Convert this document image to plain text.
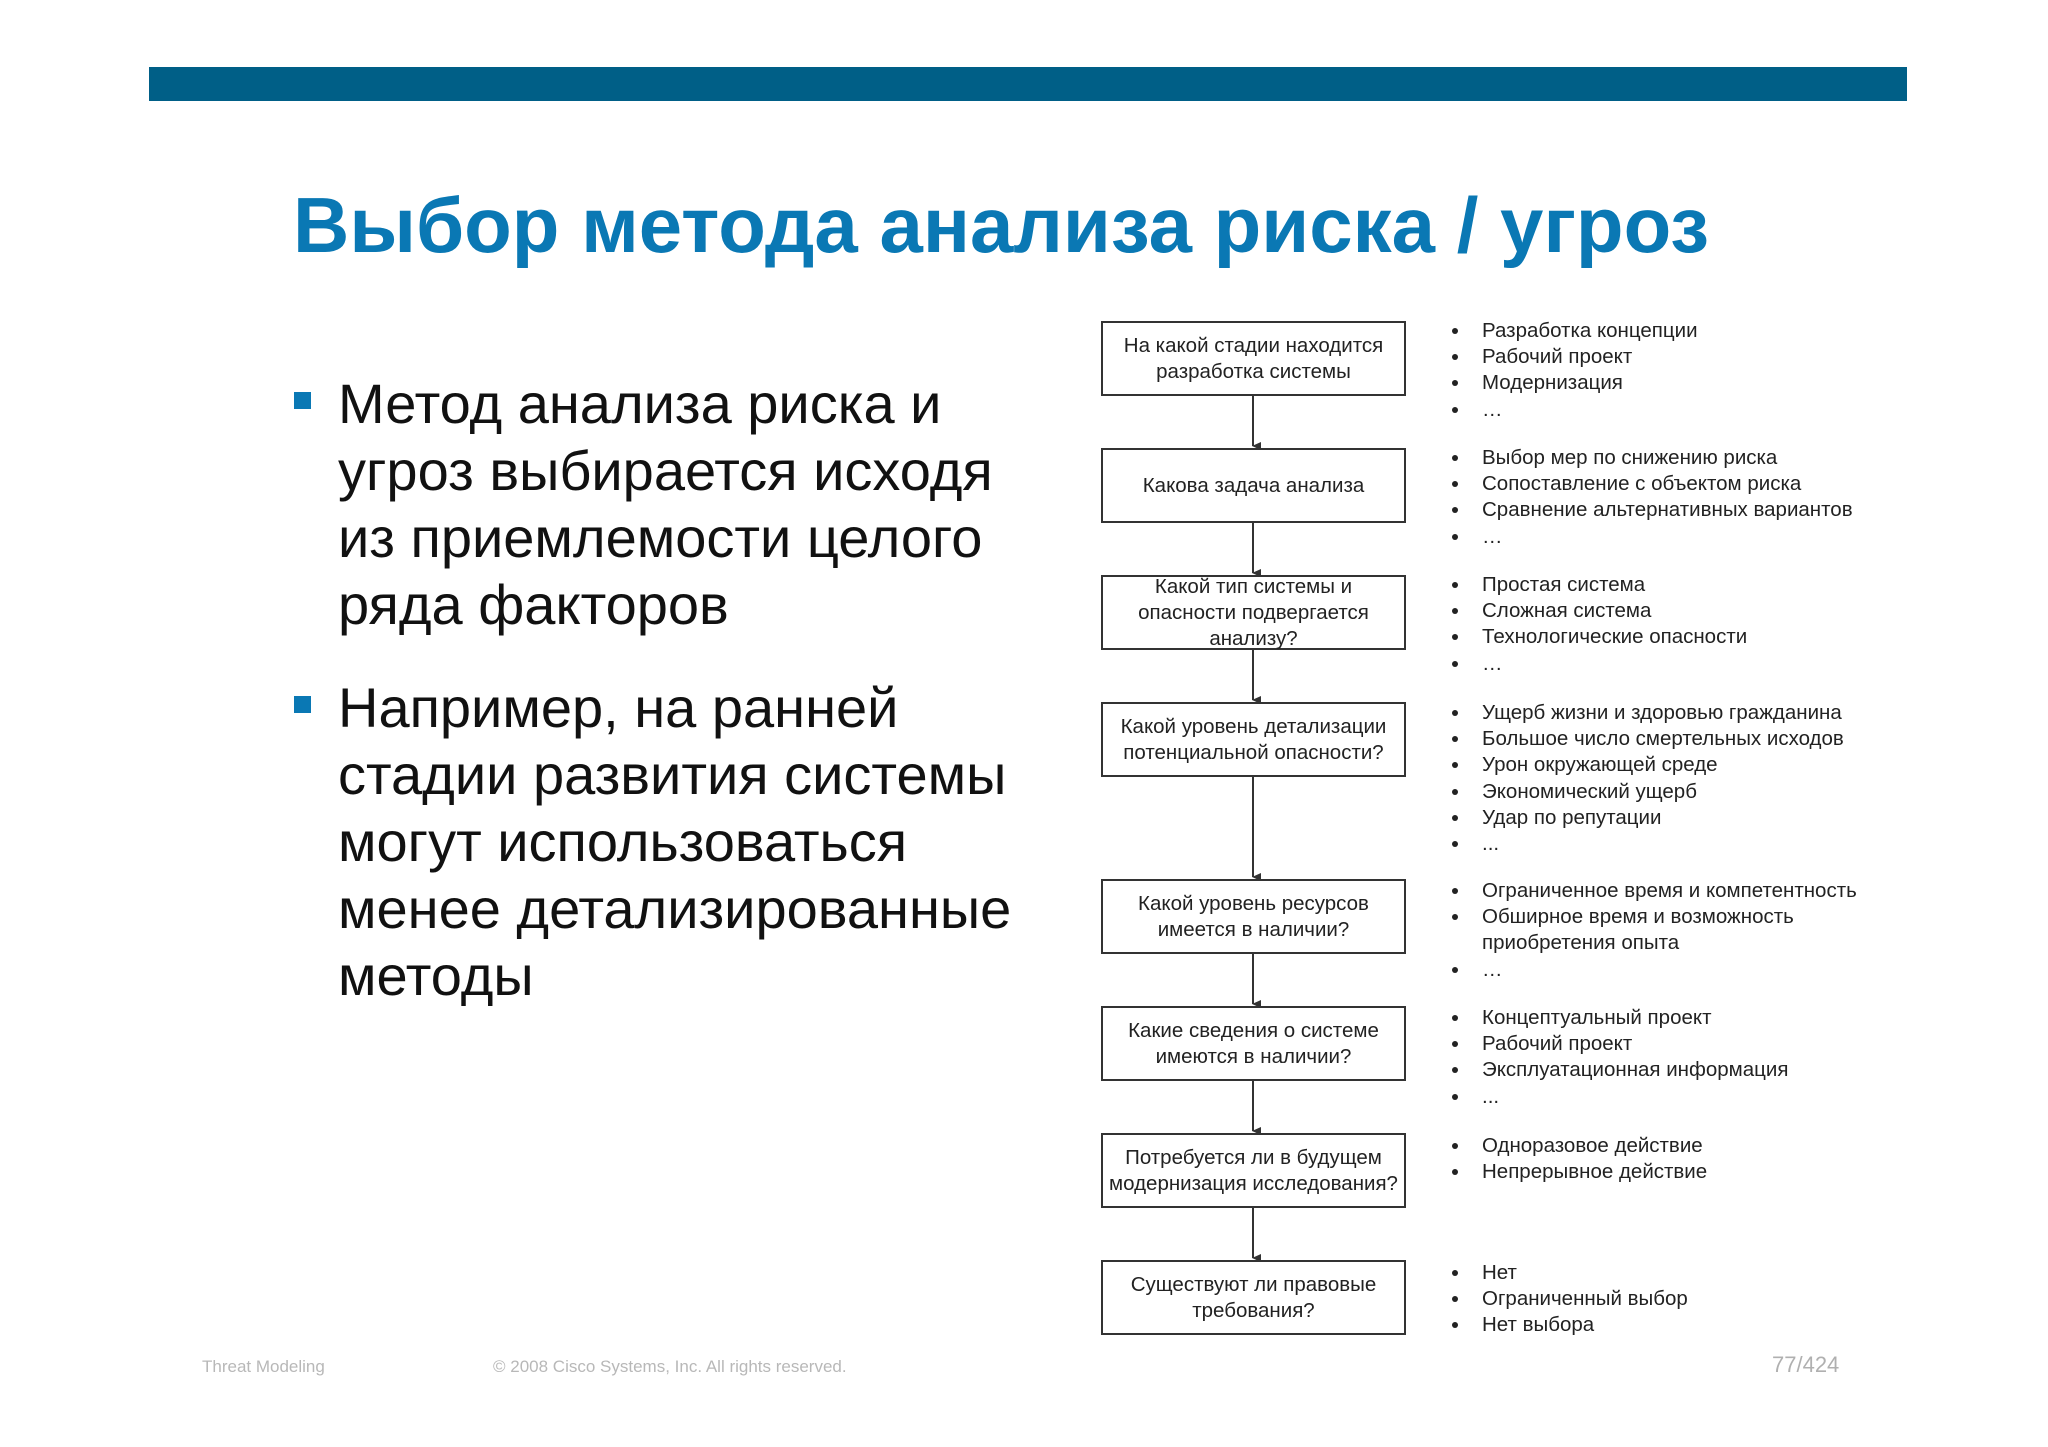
Выбор метода анализа риска / угроз
Метод анализа риска и угроз выбирается исходя из приемлемости целого ряда факторов
Например, на ранней стадии развития системы могут использоваться менее детализированные методы
На какой стадии находится разработка системы
Какова задача анализа
Какой тип системы и опасности подвергается анализу?
Какой уровень детализации потенциальной опасности?
Какой уровень ресурсов имеется в наличии?
Какие сведения о системе имеются в наличии?
Потребуется ли в будущем модернизация исследования?
Существуют ли правовые требования?
Разработка концепции
Рабочий проект
Модернизация
…
Выбор мер по снижению риска
Сопоставление с объектом риска
Сравнение альтернативных вариантов
…
Простая система
Сложная система
Технологические опасности
…
Ущерб жизни и здоровью гражданина
Большое число смертельных исходов
Урон окружающей среде
Экономический ущерб
Удар по репутации
...
Ограниченное время и компетентность
Обширное время и возможность
приобретения опыта
…
Концептуальный проект
Рабочий проект
Эксплуатационная информация
...
Одноразовое действие
Непрерывное действие
Нет
Ограниченный выбор
Нет выбора
Threat Modeling	© 2008 Cisco Systems, Inc. All rights reserved.	77/424
